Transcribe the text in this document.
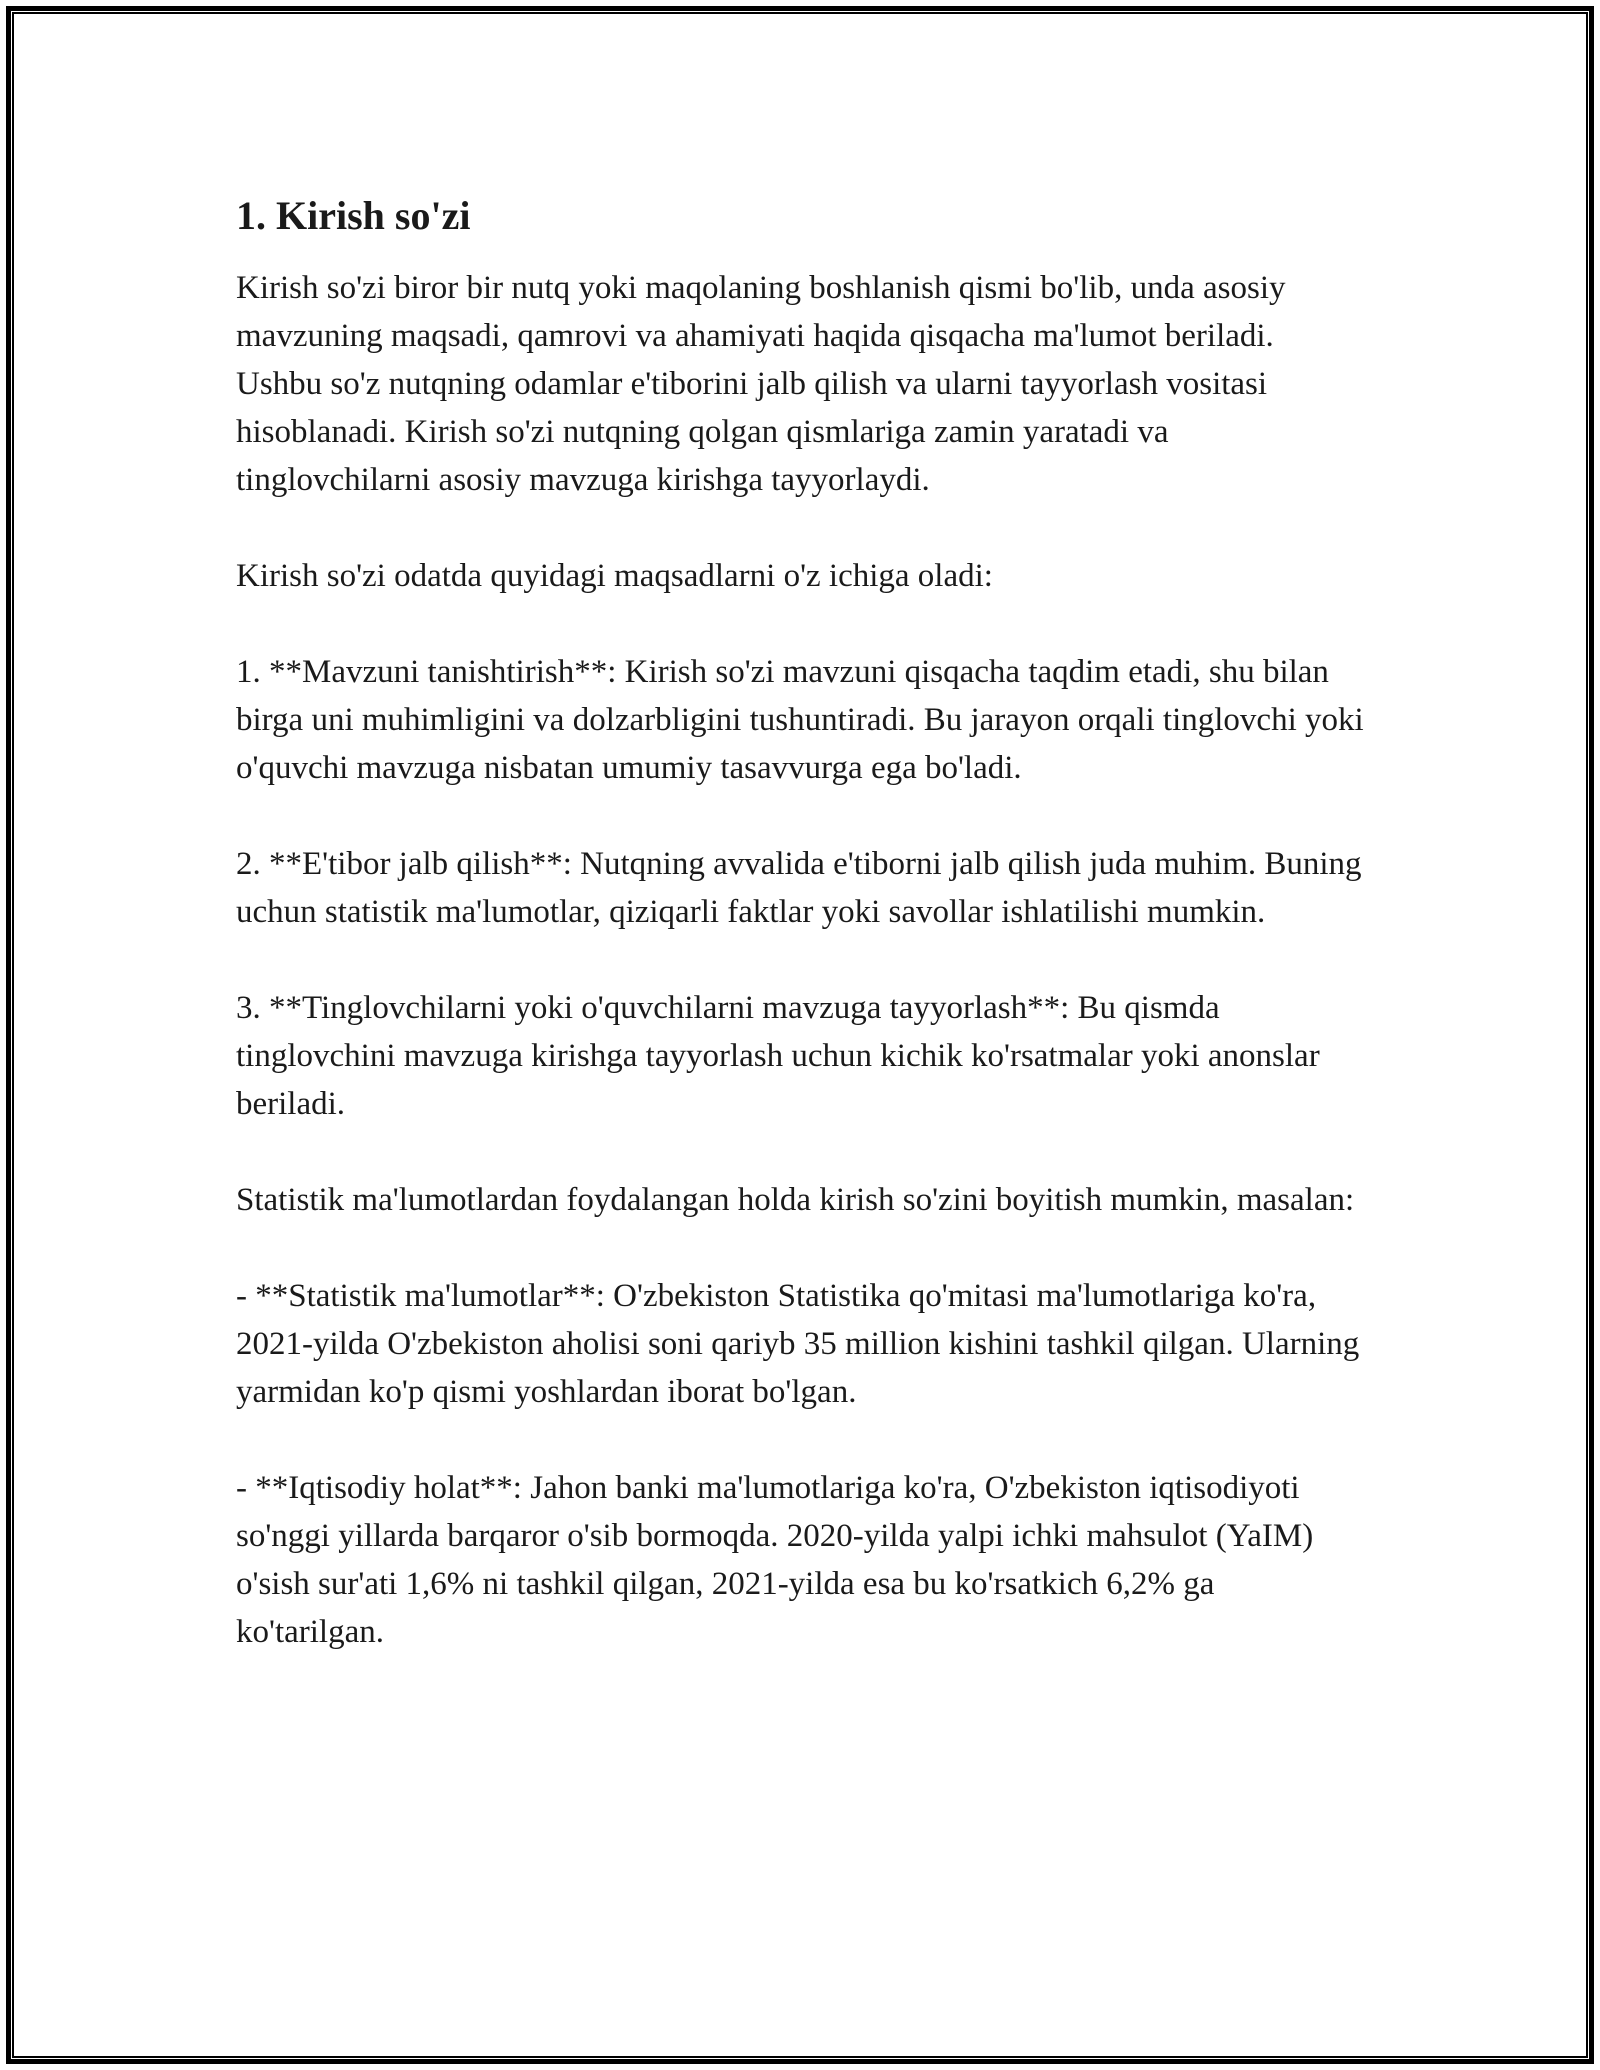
1. Kirish so'zi

Kirish so'zi biror bir nutq yoki maqolaning boshlanish qismi bo'lib, unda asosiy mavzuning maqsadi, qamrovi va ahamiyati haqida qisqacha ma'lumot beriladi. Ushbu so'z nutqning odamlar e'tiborini jalb qilish va ularni tayyorlash vositasi hisoblanadi. Kirish so'zi nutqning qolgan qismlariga zamin yaratadi va tinglovchilarni asosiy mavzuga kirishga tayyorlaydi.

Kirish so'zi odatda quyidagi maqsadlarni o'z ichiga oladi:

1. **Mavzuni tanishtirish**: Kirish so'zi mavzuni qisqacha taqdim etadi, shu bilan birga uni muhimligini va dolzarbligini tushuntiradi. Bu jarayon orqali tinglovchi yoki o'quvchi mavzuga nisbatan umumiy tasavvurga ega bo'ladi.

2. **E'tibor jalb qilish**: Nutqning avvalida e'tiborni jalb qilish juda muhim. Buning uchun statistik ma'lumotlar, qiziqarli faktlar yoki savollar ishlatilishi mumkin.

3. **Tinglovchilarni yoki o'quvchilarni mavzuga tayyorlash**: Bu qismda tinglovchini mavzuga kirishga tayyorlash uchun kichik ko'rsatmalar yoki anonslar beriladi.

Statistik ma'lumotlardan foydalangan holda kirish so'zini boyitish mumkin, masalan:

- **Statistik ma'lumotlar**: O'zbekiston Statistika qo'mitasi ma'lumotlariga ko'ra, 2021-yilda O'zbekiston aholisi soni qariyb 35 million kishini tashkil qilgan. Ularning yarmidan ko'p qismi yoshlardan iborat bo'lgan.

- **Iqtisodiy holat**: Jahon banki ma'lumotlariga ko'ra, O'zbekiston iqtisodiyoti so'nggi yillarda barqaror o'sib bormoqda. 2020-yilda yalpi ichki mahsulot (YaIM) o'sish sur'ati 1,6% ni tashkil qilgan, 2021-yilda esa bu ko'rsatkich 6,2% ga ko'tarilgan.
